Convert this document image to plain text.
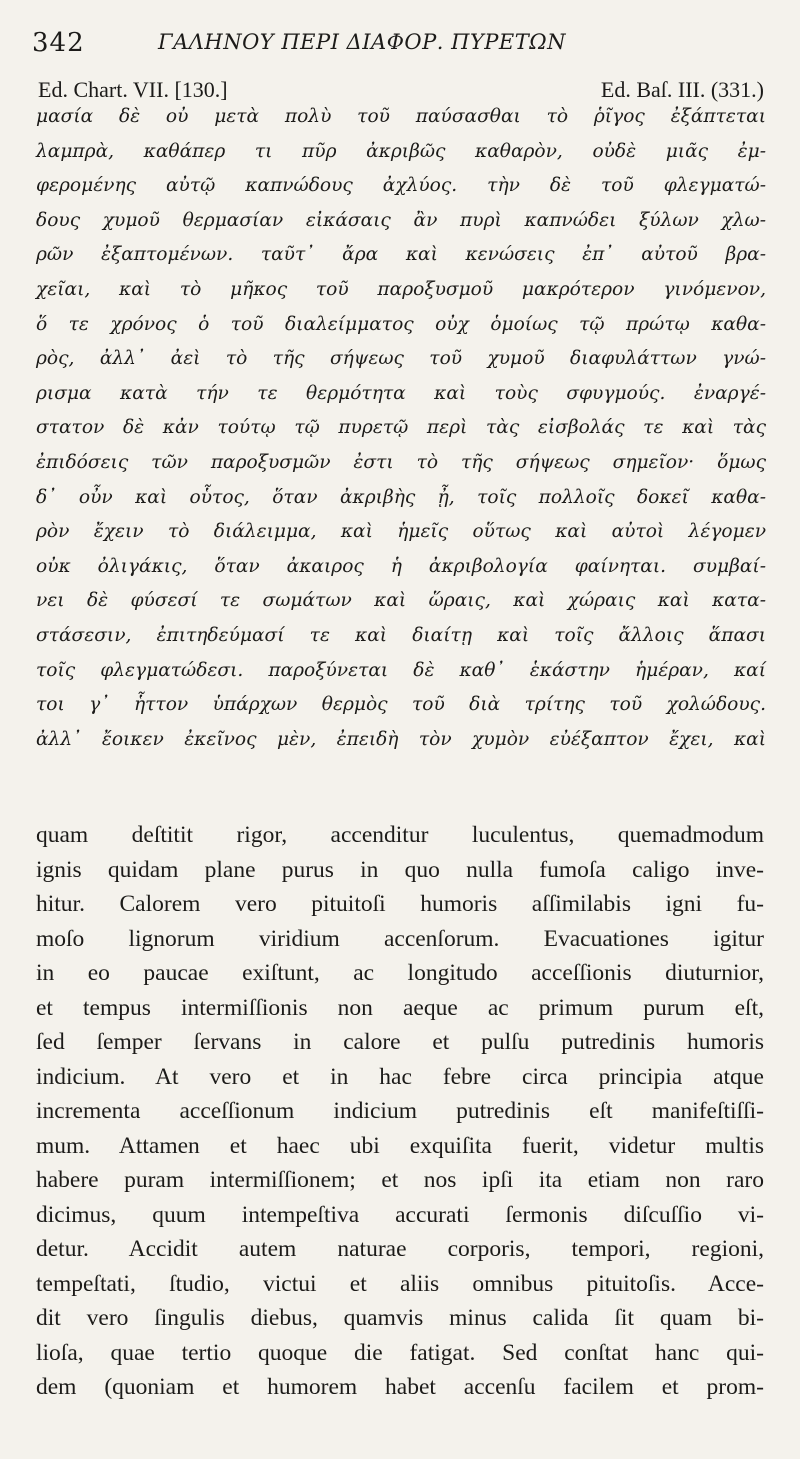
342	ΓΑΛΗΝΟΥ ΠΕΡΙ ΔΙΑΦΟΡ. ΠΥΡΕΤΩΝ
Ed. Chart. VII. [130.]	Ed. Baſ. III. (331.)
μασία δὲ οὐ μετὰ πολὺ τοῦ παύσασθαι τὸ ῥῖγος ἐξάπτεται
λαμπρὰ, καθάπερ τι πῦρ ἀκριβῶς καθαρὸν, οὐδὲ μιᾶς ἐμ-
φερομένης αὐτῷ καπνώδους ἀχλύος. τὴν δὲ τοῦ φλεγματώ-
δους χυμοῦ θερμασίαν εἰκάσαις ἂν πυρὶ καπνώδει ξύλων χλω-
ρῶν ἐξαπτομένων. ταῦτ᾽ ἄρα καὶ κενώσεις ἐπ᾽ αὐτοῦ βρα-
χεῖαι, καὶ τὸ μῆκος τοῦ παροξυσμοῦ μακρότερον γινόμενον,
ὅ τε χρόνος ὁ τοῦ διαλείμματος οὐχ ὁμοίως τῷ πρώτῳ καθα-
ρὸς, ἀλλ᾽ ἀεὶ τὸ τῆς σήψεως τοῦ χυμοῦ διαφυλάττων γνώ-
ρισμα κατὰ τήν τε θερμότητα καὶ τοὺς σφυγμούς. ἐναργέ-
στατον δὲ κἀν τούτῳ τῷ πυρετῷ περὶ τὰς εἰσβολάς τε καὶ τὰς
ἐπιδόσεις τῶν παροξυσμῶν ἐστι τὸ τῆς σήψεως σημεῖον· ὅμως
δ᾽ οὖν καὶ οὗτος, ὅταν ἀκριβὴς ᾖ, τοῖς πολλοῖς δοκεῖ καθα-
ρὸν ἔχειν τὸ διάλειμμα, καὶ ἡμεῖς οὕτως καὶ αὐτοὶ λέγομεν
οὐκ ὀλιγάκις, ὅταν ἀκαιρος ἡ ἀκριβολογία φαίνηται. συμβαί-
νει δὲ φύσεσί τε σωμάτων καὶ ὥραις, καὶ χώραις καὶ κατα-
στάσεσιν, ἐπιτηδεύμασί τε καὶ διαίτῃ καὶ τοῖς ἄλλοις ἅπασι
τοῖς φλεγματώδεσι. παροξύνεται δὲ καθ᾽ ἑκάστην ἡμέραν, καί
τοι γ᾽ ἧττον ὑπάρχων θερμὸς τοῦ διὰ τρίτης τοῦ χολώδους.
ἀλλ᾽ ἔοικεν ἐκεῖνος μὲν, ἐπειδὴ τὸν χυμὸν εὐέξαπτον ἔχει, καὶ
quam deſtitit rigor, accenditur luculentus, quemadmodum
ignis quidam plane purus in quo nulla fumoſa caligo inve-
hitur. Calorem vero pituitoſi humoris aſſimilabis igni fu-
moſo lignorum viridium accenſorum. Evacuationes igitur
in eo paucae exiſtunt, ac longitudo acceſſionis diuturnior,
et tempus intermiſſionis non aeque ac primum purum eſt,
ſed ſemper ſervans in calore et pulſu putredinis humoris
indicium. At vero et in hac febre circa principia atque
incrementa acceſſionum indicium putredinis eſt manifeſtiſſi-
mum. Attamen et haec ubi exquiſita fuerit, videtur multis
habere puram intermiſſionem; et nos ipſi ita etiam non raro
dicimus, quum intempeſtiva accurati ſermonis diſcuſſio vi-
detur. Accidit autem naturae corporis, tempori, regioni,
tempeſtati, ſtudio, victui et aliis omnibus pituitoſis. Acce-
dit vero ſingulis diebus, quamvis minus calida ſit quam bi-
lioſa, quae tertio quoque die fatigat. Sed conſtat hanc qui-
dem (quoniam et humorem habet accenſu facilem et prom-
